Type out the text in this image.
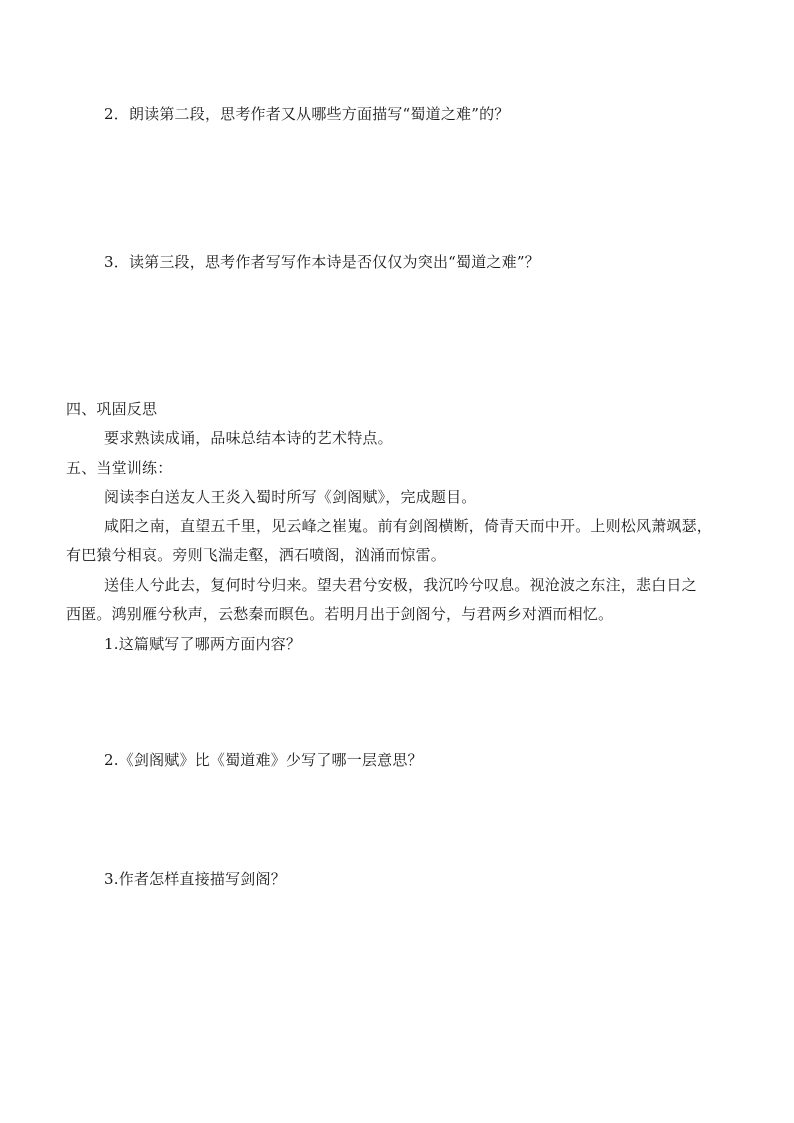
2．朗读第二段，思考作者又从哪些方面描写“蜀道之难”的？
3．读第三段，思考作者写写作本诗是否仅仅为突出“蜀道之难”？
四、巩固反思
要求熟读成诵，品味总结本诗的艺术特点。
五、当堂训练：
阅读李白送友人王炎入蜀时所写《剑阁赋》，完成题目。
咸阳之南，直望五千里，见云峰之崔嵬。前有剑阁横断，倚青天而中开。上则松风萧飒瑟，
有巴猿兮相哀。旁则飞湍走壑，洒石喷阁，汹涌而惊雷。
送佳人兮此去，复何时兮归来。望夫君兮安极，我沉吟兮叹息。视沧波之东注，悲白日之
西匿。鸿别雁兮秋声，云愁秦而瞑色。若明月出于剑阁兮，与君两乡对酒而相忆。
1.这篇赋写了哪两方面内容？
2.《剑阁赋》比《蜀道难》少写了哪一层意思？
3.作者怎样直接描写剑阁？
